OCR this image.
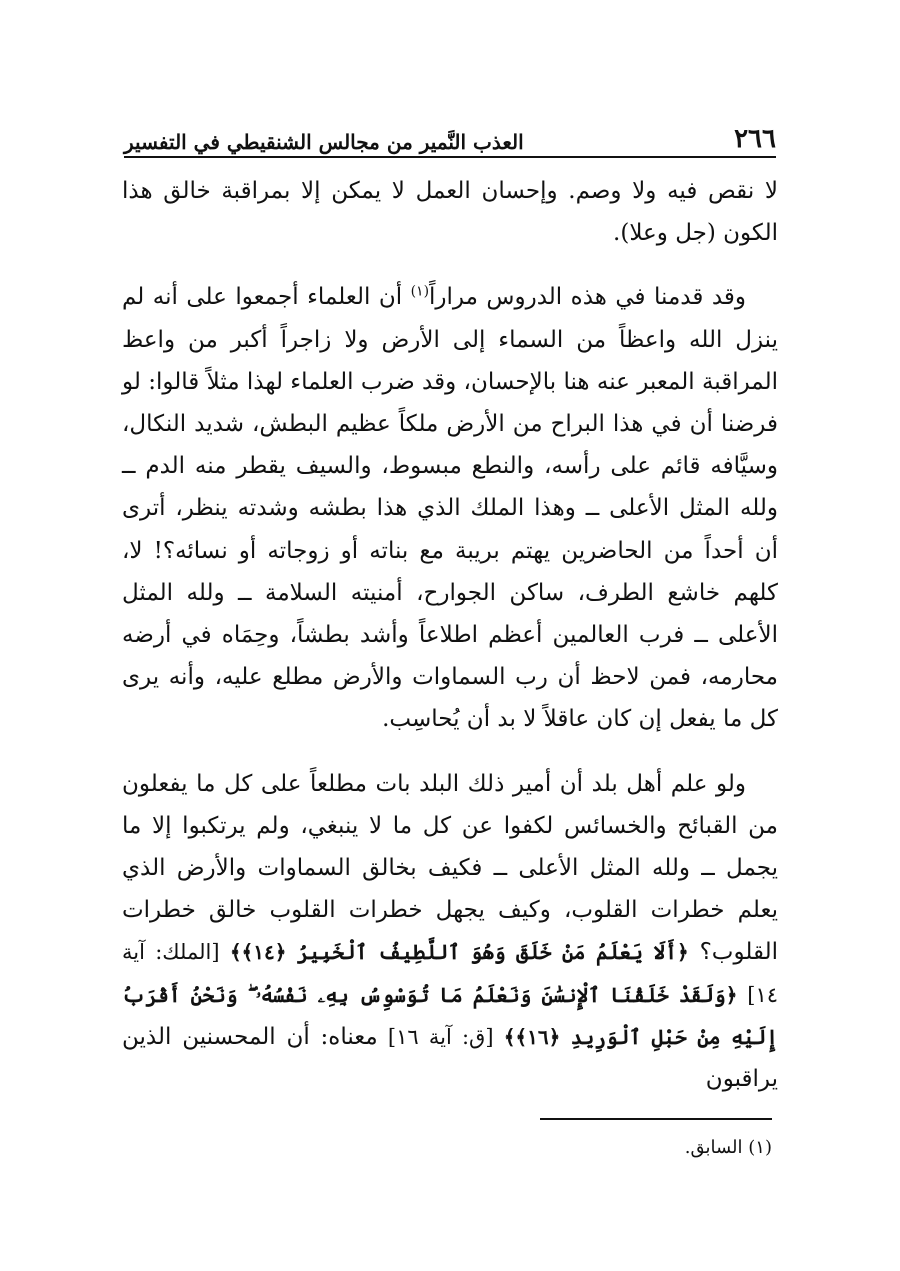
٢٦٦
العذب النَّمير من مجالس الشنقيطي في التفسير

لا نقص فيه ولا وصم. وإحسان العمل لا يمكن إلا بمراقبة خالق هذا الكون (جل وعلا).

وقد قدمنا في هذه الدروس مراراً$^{(١)}$ أن العلماء أجمعوا على أنه لم ينزل الله واعظاً من السماء إلى الأرض ولا زاجراً أكبر من واعظ المراقبة المعبر عنه هنا بالإحسان، وقد ضرب العلماء لهذا مثلاً قالوا: لو فرضنا أن في هذا البراح من الأرض ملكاً عظيم البطش، شديد النكال، وسيَّافه قائم على رأسه، والنطع مبسوط، والسيف يقطر منه الدم ــ ولله المثل الأعلى ــ وهذا الملك الذي هذا بطشه وشدته ينظر، أترى أن أحداً من الحاضرين يهتم بريبة مع بناته أو زوجاته أو نسائه؟! لا، كلهم خاشع الطرف، ساكن الجوارح، أمنيته السلامة ــ ولله المثل الأعلى ــ فرب العالمين أعظم اطلاعاً وأشد بطشاً، وحِمَاه في أرضه محارمه، فمن لاحظ أن رب السماوات والأرض مطلع عليه، وأنه يرى كل ما يفعل إن كان عاقلاً لا بد أن يُحاسِب.

ولو علم أهل بلد أن أمير ذلك البلد بات مطلعاً على كل ما يفعلون من القبائح والخسائس لكفوا عن كل ما لا ينبغي، ولم يرتكبوا إلا ما يجمل ــ ولله المثل الأعلى ــ فكيف بخالق السماوات والأرض الذي يعلم خطرات القلوب، وكيف يجهل خطرات القلوب خالق خطرات القلوب؟ ﴿أَلَا يَعْلَمُ مَنْ خَلَقَ وَهُوَ ٱللَّطِيفُ ٱلْخَبِيرُ ﴿١٤﴾﴾ [الملك: آية ١٤] ﴿وَلَقَدْ خَلَقْنَا ٱلْإِنسَٰنَ وَنَعْلَمُ مَا تُوَسْوِسُ بِهِۦ نَفْسُهُۥ ۖ وَنَحْنُ أَقْرَبُ إِلَيْهِ مِنْ حَبْلِ ٱلْوَرِيدِ ﴿١٦﴾﴾ [ق: آية ١٦] معناه: أن المحسنين الذين يراقبون

(١) السابق.
